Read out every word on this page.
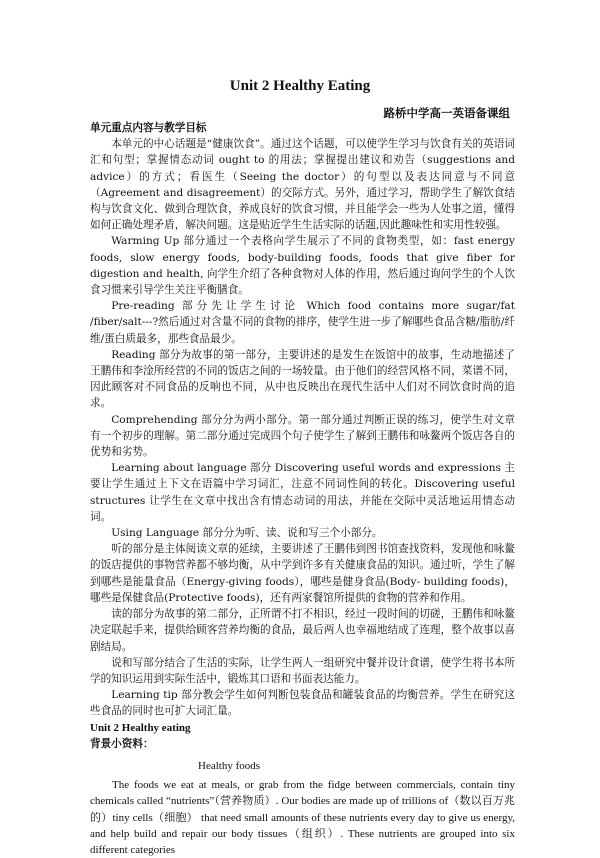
Unit 2 Healthy Eating
路桥中学高一英语备课组

单元重点内容与教学目标

本单元的中心话题是“健康饮食”。通过这个话题，可以使学生学习与饮食有关的英语词汇和句型；掌握情态动词 ought to 的用法；掌握提出建议和劝告（suggestions and advice）的方式；看医生（Seeing the doctor）的句型以及表达同意与不同意（Agreement and disagreement）的交际方式。另外，通过学习，帮助学生了解饮食结构与饮食文化、做到合理饮食，养成良好的饮食习惯，并且能学会一些为人处事之道，懂得如何正确处理矛盾，解决问题。这是贴近学生生活实际的话题,因此趣味性和实用性较强。

Warming Up 部分通过一个表格向学生展示了不同的食物类型，如：fast energy foods, slow energy foods, body-building foods, foods that give fiber for digestion and health, 向学生介绍了各种食物对人体的作用，然后通过询问学生的个人饮食习惯来引导学生关注平衡膳食。

Pre-reading 部分先让学生讨论 Which food contains more sugar/fat /fiber/salt---?然后通过对含量不同的食物的排序，使学生进一步了解哪些食品含糖/脂肪/纤维/蛋白质最多，那些食品最少。

Reading 部分为故事的第一部分，主要讲述的是发生在饭馆中的故事，生动地描述了王鹏伟和李淦所经营的不同的饭店之间的一场较量。由于他们的经营风格不同，菜谱不同，因此顾客对不同食品的反响也不同，从中也反映出在现代生活中人们对不同饮食时尚的追求。

Comprehending 部分分为两小部分。第一部分通过判断正误的练习，使学生对文章有一个初步的理解。第二部分通过完成四个句子使学生了解到王鹏伟和咏鳌两个饭店各自的优势和劣势。

Learning about language 部分 Discovering useful words and expressions 主要让学生通过上下文在语篇中学习词汇，注意不同词性间的转化。Discovering useful structures 让学生在文章中找出含有情态动词的用法，并能在交际中灵活地运用情态动词。

Using Language 部分分为听、读、说和写三个小部分。

听的部分是主体阅读文章的延续，主要讲述了王鹏伟到图书馆查找资料，发现他和咏鳌的饭店提供的事物营养都不够均衡，从中学到许多有关健康食品的知识。通过听，学生了解到哪些是能量食品（Energy-giving foods），哪些是健身食品(Body- building foods)，哪些是保健食品(Protective foods)，还有两家餐馆所提供的食物的营养和作用。

读的部分为故事的第二部分，正所谓不打不相识，经过一段时间的切磋，王鹏伟和咏鳌决定联起手来，提供给顾客营养均衡的食品，最后两人也幸福地结成了连理，整个故事以喜剧结局。

说和写部分结合了生活的实际，让学生两人一组研究中餐并设计食谱，使学生将书本所学的知识运用到实际生活中，锻炼其口语和书面表达能力。

Learning tip 部分教会学生如何判断包装食品和罐装食品的均衡营养。学生在研究这些食品的同时也可扩大词汇量。

Unit 2 Healthy eating

背景小资料：

Healthy foods

The foods we eat at meals, or grab from the fidge between commercials, contain tiny chemicals called “nutrients”（营养物质）. Our bodies are made up of trillions of（数以百万兆的）tiny cells（细胞） that need small amounts of these nutrients every day to give us energy, and help build and repair our body tissues（组织）. These nutrients are grouped into six different categories
